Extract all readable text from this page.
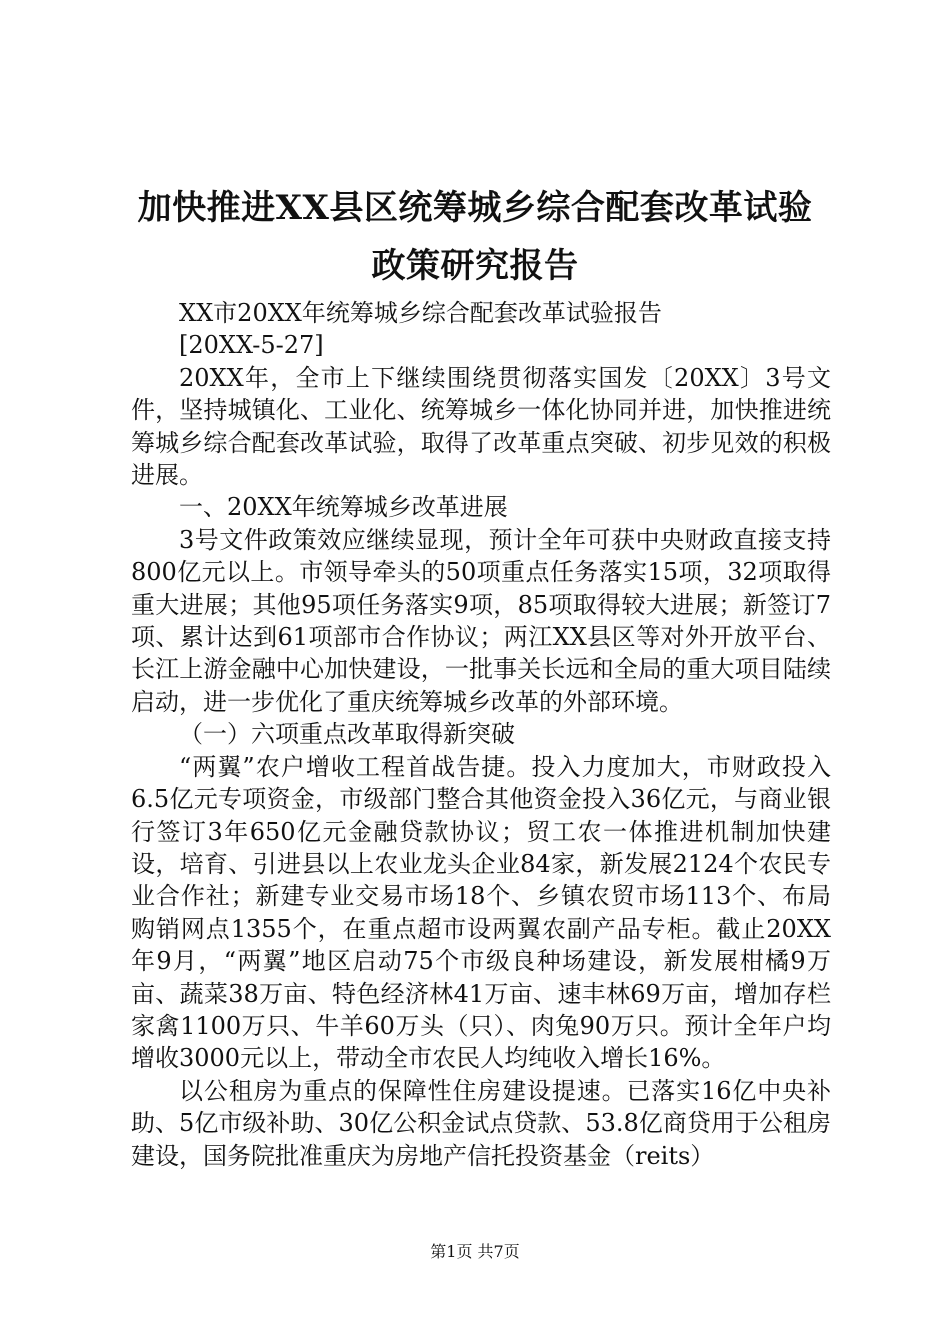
加快推进XX县区统筹城乡综合配套改革试验
政策研究报告

XX市20XX年统筹城乡综合配套改革试验报告

[20XX-5-27]

20XX年，全市上下继续围绕贯彻落实国发〔20XX〕3号文件，坚持城镇化、工业化、统筹城乡一体化协同并进，加快推进统筹城乡综合配套改革试验，取得了改革重点突破、初步见效的积极进展。

一、20XX年统筹城乡改革进展

3号文件政策效应继续显现，预计全年可获中央财政直接支持800亿元以上。市领导牵头的50项重点任务落实15项，32项取得重大进展；其他95项任务落实9项，85项取得较大进展；新签订7项、累计达到61项部市合作协议；两江XX县区等对外开放平台、长江上游金融中心加快建设，一批事关长远和全局的重大项目陆续启动，进一步优化了重庆统筹城乡改革的外部环境。

（一）六项重点改革取得新突破

“两翼”农户增收工程首战告捷。投入力度加大，市财政投入6.5亿元专项资金，市级部门整合其他资金投入36亿元，与商业银行签订3年650亿元金融贷款协议；贸工农一体推进机制加快建设，培育、引进县以上农业龙头企业84家，新发展2124个农民专业合作社；新建专业交易市场18个、乡镇农贸市场113个、布局购销网点1355个，在重点超市设两翼农副产品专柜。截止20XX年9月，“两翼”地区启动75个市级良种场建设，新发展柑橘9万亩、蔬菜38万亩、特色经济林41万亩、速丰林69万亩，增加存栏家禽1100万只、牛羊60万头（只）、肉兔90万只。预计全年户均增收3000元以上，带动全市农民人均纯收入增长16%。

以公租房为重点的保障性住房建设提速。已落实16亿中央补助、5亿市级补助、30亿公积金试点贷款、53.8亿商贷用于公租房建设，国务院批准重庆为房地产信托投资基金（reits）

第1页 共7页
